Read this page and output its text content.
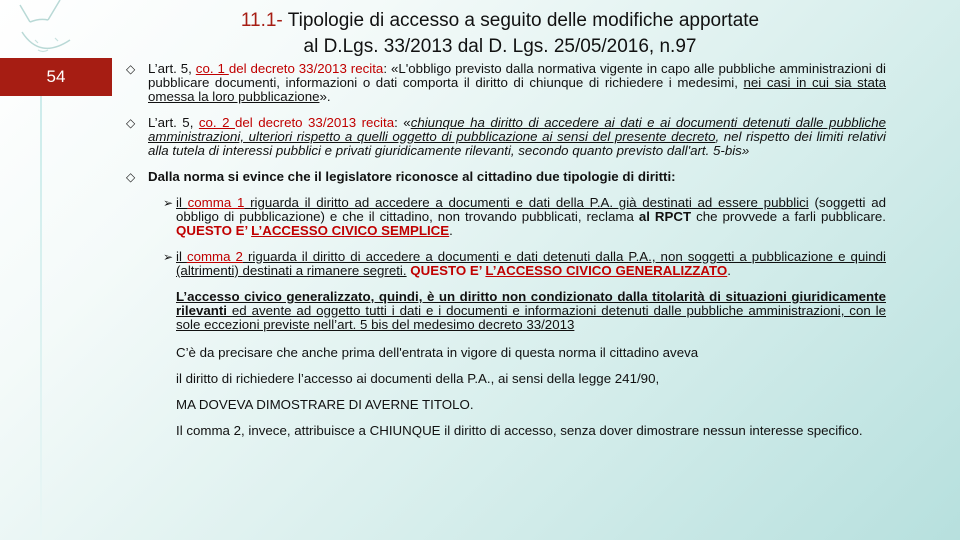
54
11.1- Tipologie di accesso a seguito delle modifiche apportate
al D.Lgs. 33/2013 dal D. Lgs. 25/05/2016, n.97
◇ L’art. 5, co. 1 del decreto 33/2013 recita: «L'obbligo previsto dalla normativa vigente in capo alle pubbliche amministrazioni di pubblicare documenti, informazioni o dati comporta il diritto di chiunque di richiedere i medesimi, nei casi in cui sia stata omessa la loro pubblicazione».
◇ L’art. 5, co. 2 del decreto 33/2013 recita: «chiunque ha diritto di accedere ai dati e ai documenti detenuti dalle pubbliche amministrazioni, ulteriori rispetto a quelli oggetto di pubblicazione ai sensi del presente decreto, nel rispetto dei limiti relativi alla tutela di interessi pubblici e privati giuridicamente rilevanti, secondo quanto previsto dall'art. 5-bis»
◇ Dalla norma si evince che il legislatore riconosce al cittadino due tipologie di diritti:
➢ il comma 1 riguarda il diritto ad accedere a documenti e dati della P.A. già destinati ad essere pubblici (soggetti ad obbligo di pubblicazione) e che il cittadino, non trovando pubblicati, reclama al RPCT che provvede a farli pubblicare. QUESTO E’ L’ACCESSO CIVICO SEMPLICE.
➢ il comma 2 riguarda il diritto di accedere a documenti e dati detenuti dalla P.A., non soggetti a pubblicazione e quindi (altrimenti) destinati a rimanere segreti. QUESTO E’ L’ACCESSO CIVICO GENERALIZZATO.
L’accesso civico generalizzato, quindi, è un diritto non condizionato dalla titolarità di situazioni giuridicamente rilevanti ed avente ad oggetto tutti i dati e i documenti e informazioni detenuti dalle pubbliche amministrazioni, con le sole eccezioni previste nell’art. 5 bis del medesimo decreto 33/2013
C’è da precisare che anche prima dell'entrata in vigore di questa norma il cittadino aveva
il diritto di richiedere l’accesso ai documenti della P.A., ai sensi della legge 241/90,
MA DOVEVA DIMOSTRARE DI AVERNE TITOLO.
Il comma 2, invece, attribuisce a CHIUNQUE il diritto di accesso, senza dover dimostrare nessun interesse specifico.
